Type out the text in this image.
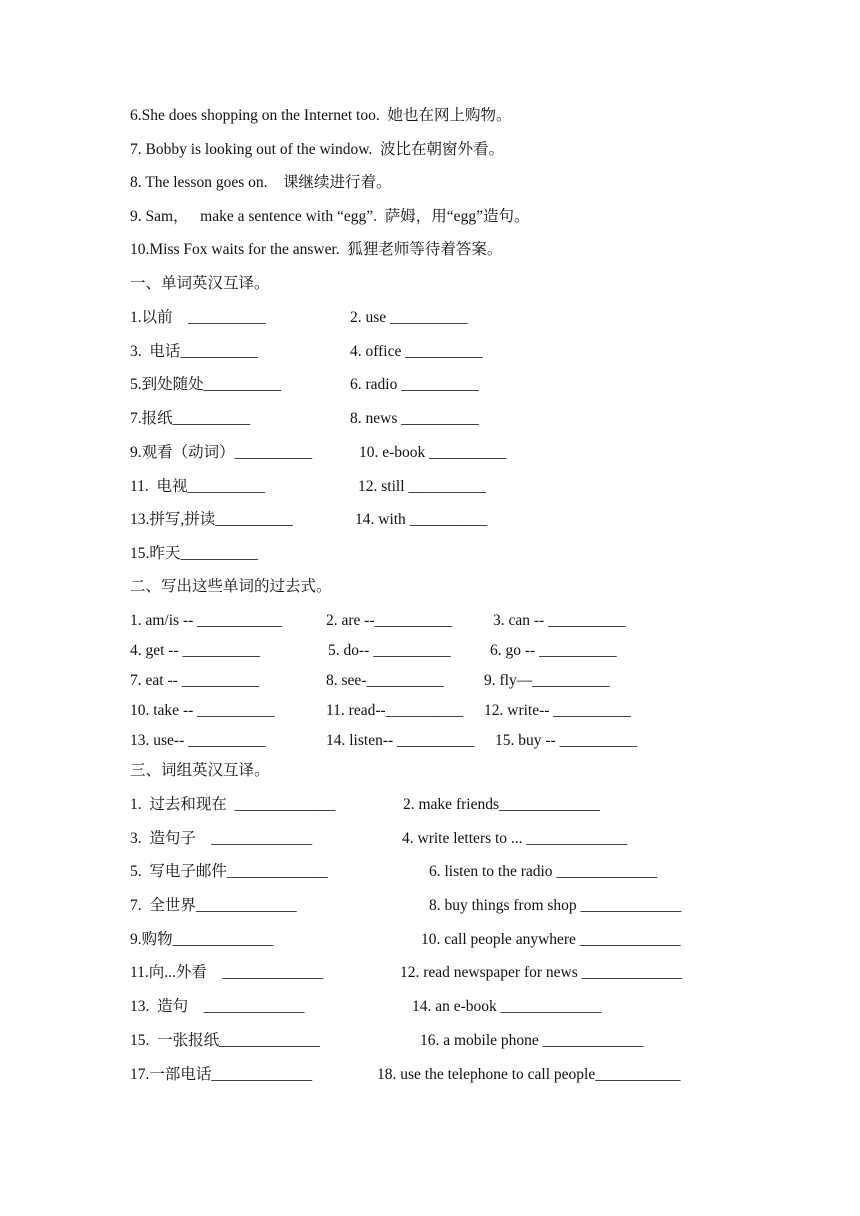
6.She does shopping on the Internet too.  她也在网上购物。
7. Bobby is looking out of the window.  波比在朝窗外看。
8. The lesson goes on.    课继续进行着。
9. Sam，   make a sentence with “egg”.  萨姆，用“egg”造句。
10.Miss Fox waits for the answer.  狐狸老师等待着答案。
一、单词英汉互译。
1.以前    __________	2. use __________
3.  电话__________	4. office __________
5.到处随处__________	6. radio __________
7.报纸__________	8. news __________
9.观看（动词）__________	10. e-book __________
11.  电视__________	12. still __________
13.拼写,拼读__________	14. with __________
15.昨天__________
二、写出这些单词的过去式。
1. am/is -- ___________	2. are --__________	3. can -- __________
4. get -- __________	5. do-- __________	6. go -- __________
7. eat -- __________	8. see-__________	9. fly—__________
10. take -- __________	11. read--__________ 12. write-- __________
13. use-- __________	14. listen-- __________ 15. buy -- __________
三、词组英汉互译。
1.  过去和现在  _____________	2. make friends_____________
3.  造句子    _____________	4. write letters to ... _____________
5.  写电子邮件_____________	6. listen to the radio _____________
7.  全世界_____________	8. buy things from shop _____________
9.购物_____________	10. call people anywhere _____________
11.向...外看    _____________	12. read newspaper for news _____________
13.  造句    _____________	14. an e-book _____________
15.  一张报纸_____________	16. a mobile phone _____________
17.一部电话_____________	18. use the telephone to call people___________
